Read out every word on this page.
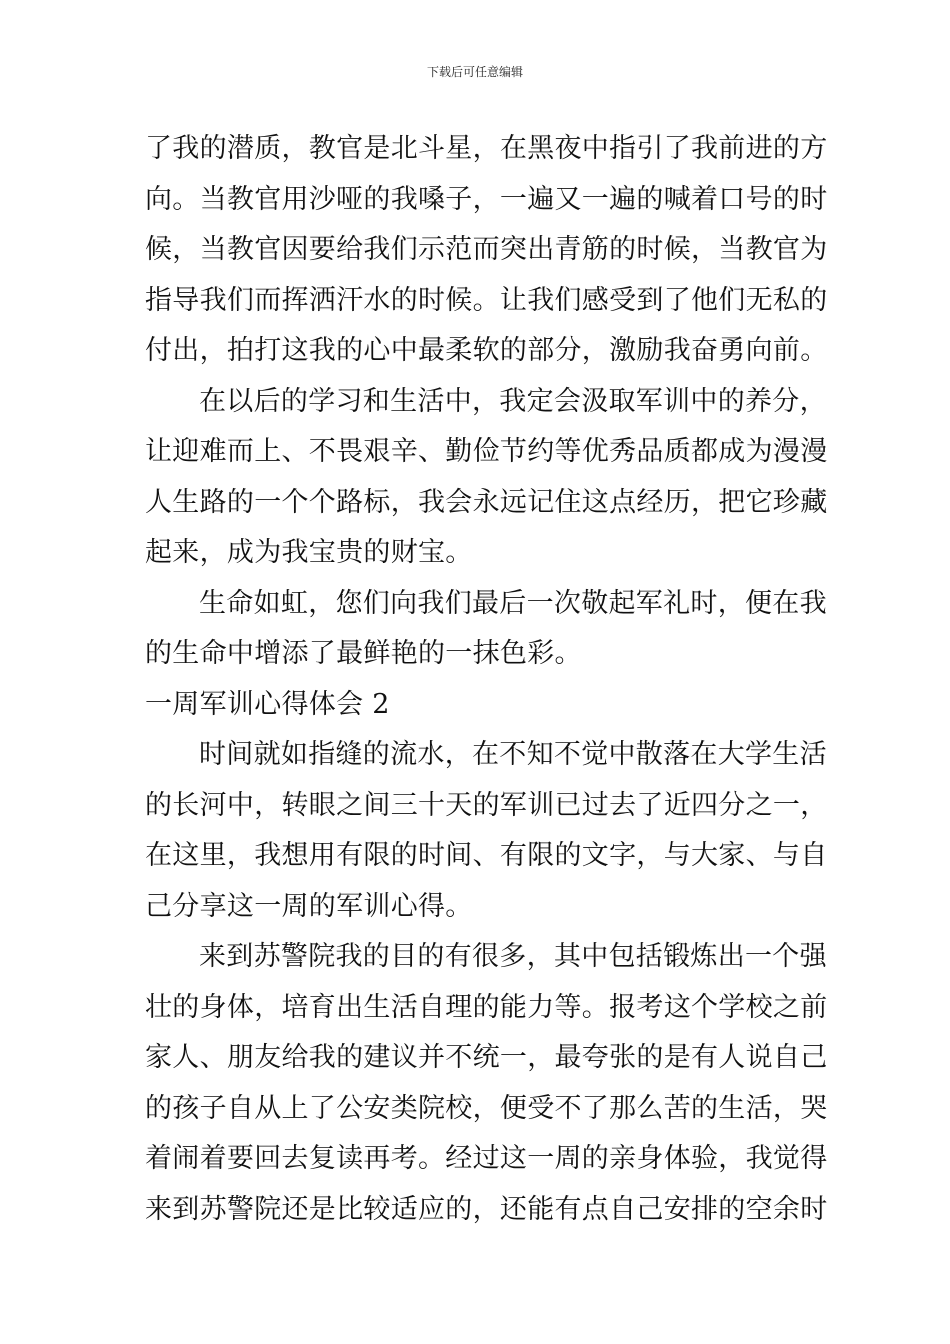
下载后可任意编辑
了我的潜质，教官是北斗星，在黑夜中指引了我前进的方
向。当教官用沙哑的我嗓子，一遍又一遍的喊着口号的时
候，当教官因要给我们示范而突出青筋的时候，当教官为
指导我们而挥洒汗水的时候。让我们感受到了他们无私的
付出，拍打这我的心中最柔软的部分，激励我奋勇向前。
在以后的学习和生活中，我定会汲取军训中的养分，
让迎难而上、不畏艰辛、勤俭节约等优秀品质都成为漫漫
人生路的一个个路标，我会永远记住这点经历，把它珍藏
起来，成为我宝贵的财宝。
生命如虹，您们向我们最后一次敬起军礼时，便在我
的生命中增添了最鲜艳的一抹色彩。
一周军训心得体会 2
时间就如指缝的流水，在不知不觉中散落在大学生活
的长河中，转眼之间三十天的军训已过去了近四分之一，
在这里，我想用有限的时间、有限的文字，与大家、与自
己分享这一周的军训心得。
来到苏警院我的目的有很多，其中包括锻炼出一个强
壮的身体，培育出生活自理的能力等。报考这个学校之前
家人、朋友给我的建议并不统一，最夸张的是有人说自己
的孩子自从上了公安类院校，便受不了那么苦的生活，哭
着闹着要回去复读再考。经过这一周的亲身体验，我觉得
来到苏警院还是比较适应的，还能有点自己安排的空余时
